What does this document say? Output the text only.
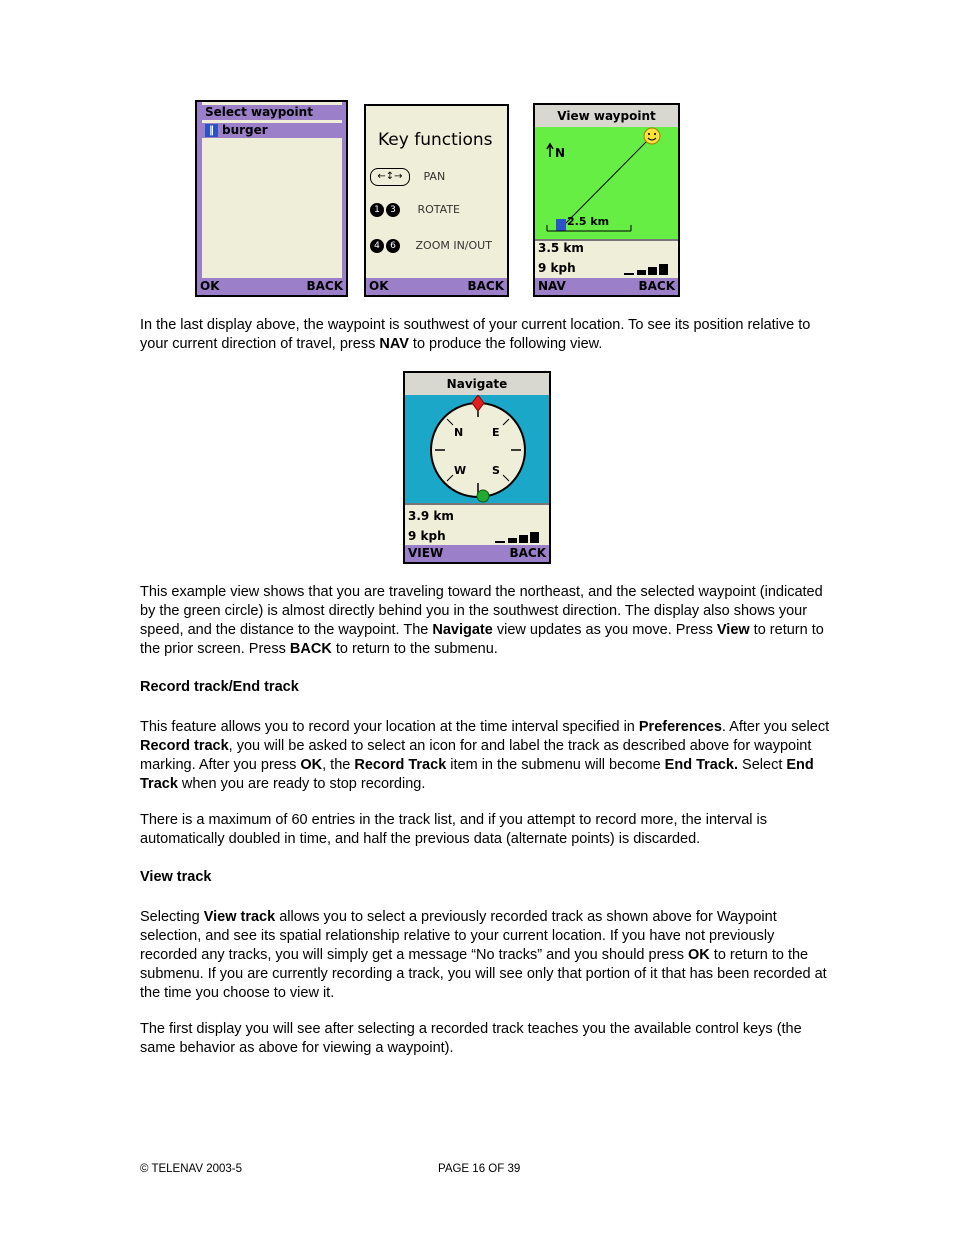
Select waypoint
‖ burger
OK	BACK
Key functions
←↕→ PAN
1 3 ROTATE
4 6 ZOOM IN/OUT
OK	BACK
View waypoint
N
2.5 km
3.5 km
9 kph
NAV	BACK

In the last display above, the waypoint is southwest of your current location. To see its position relative to your current direction of travel, press NAV to produce the following view.

Navigate
N	E
W S
3.9 km
9 kph
VIEW	BACK

This example view shows that you are traveling toward the northeast, and the selected waypoint (indicated by the green circle) is almost directly behind you in the southwest direction. The display also shows your speed, and the distance to the waypoint. The Navigate view updates as you move. Press View to return to the prior screen. Press BACK to return to the submenu.

Record track/End track

This feature allows you to record your location at the time interval specified in Preferences. After you select Record track, you will be asked to select an icon for and label the track as described above for waypoint marking. After you press OK, the Record Track item in the submenu will become End Track. Select End Track when you are ready to stop recording.

There is a maximum of 60 entries in the track list, and if you attempt to record more, the interval is automatically doubled in time, and half the previous data (alternate points) is discarded.

View track

Selecting View track allows you to select a previously recorded track as shown above for Waypoint selection, and see its spatial relationship relative to your current location. If you have not previously recorded any tracks, you will simply get a message “No tracks” and you should press OK to return to the submenu. If you are currently recording a track, you will see only that portion of it that has been recorded at the time you choose to view it.

The first display you will see after selecting a recorded track teaches you the available control keys (the same behavior as above for viewing a waypoint).

© TELENAV 2003-5	PAGE 16 OF 39
